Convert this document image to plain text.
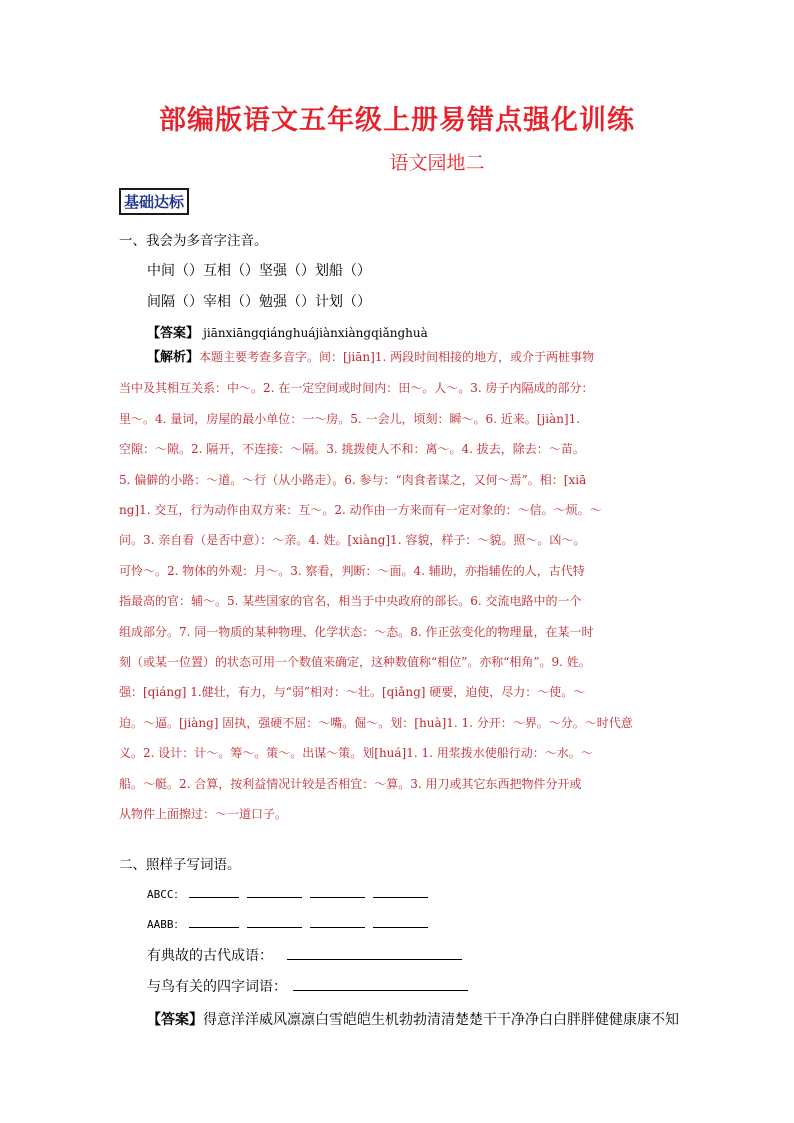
部编版语文五年级上册易错点强化训练
语文园地二
基础达标
一、我会为多音字注音。
中间（）互相（）坚强（）划船（）
间隔（）宰相（）勉强（）计划（）
【答案】 jiānxiāngqiánghuájiànxiàngqiǎnghuà
【解析】本题主要考查多音字。间：[jiān]1. 两段时间相接的地方，或介于两桩事物
当中及其相互关系：中～。2. 在一定空间或时间内：田～。人～。3. 房子内隔成的部分：
里～。4. 量词，房屋的最小单位：一～房。5. 一会儿，顷刻：瞬～。6. 近来。[jiàn]1.
空隙：～隙。2. 隔开，不连接：～隔。3. 挑拨使人不和：离～。4. 拔去，除去：～苗。
5. 偏僻的小路：～道。～行（从小路走）。6. 参与：“肉食者谋之，又何～焉”。相：[xiā
ng]1. 交互，行为动作由双方来：互～。2. 动作由一方来而有一定对象的：～信。～烦。～
问。3. 亲自看（是否中意）：～亲。4. 姓。[xiàng]1. 容貌，样子：～貌。照～。凶～。
可怜～。2. 物体的外观：月～。3. 察看，判断：～面。4. 辅助，亦指辅佐的人，古代特
指最高的官：辅～。5. 某些国家的官名，相当于中央政府的部长。6. 交流电路中的一个
组成部分。7. 同一物质的某种物理、化学状态：～态。8. 作正弦变化的物理量，在某一时
刻（或某一位置）的状态可用一个数值来确定，这种数值称“相位”。亦称“相角”。9. 姓。
强：[qiáng] 1.健壮，有力，与“弱”相对：～壮。[qiǎng] 硬要，迫使，尽力：～使。～
迫。～逼。[jiàng] 固执，强硬不屈：～嘴。倔～。划：[huà]1. 1. 分开：～界。～分。～时代意
义。2. 设计：计～。筹～。策～。出谋～策。划[huá]1. 1. 用浆拨水使船行动：～水。～
船。～艇。2. 合算，按利益情况计较是否相宜：～算。3. 用刀或其它东西把物件分开或
从物件上面擦过：～一道口子。
二、照样子写词语。
ABCC：
AABB：
有典故的古代成语：
与鸟有关的四字词语：
【答案】得意洋洋威风凛凛白雪皑皑生机勃勃清清楚楚干干净净白白胖胖健健康康不知
